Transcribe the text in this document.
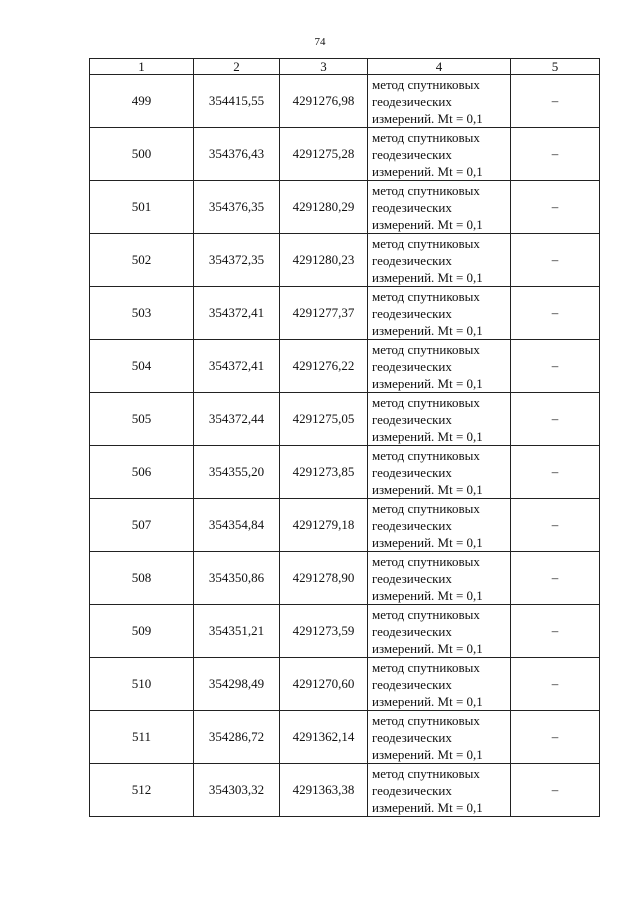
74
1	2	3	4	5
499	354415,55	4291276,98	метод спутниковых
геодезических
измерений. Mt = 0,1	–
500	354376,43	4291275,28	метод спутниковых
геодезических
измерений. Mt = 0,1	–
501	354376,35	4291280,29	метод спутниковых
геодезических
измерений. Mt = 0,1	–
502	354372,35	4291280,23	метод спутниковых
геодезических
измерений. Mt = 0,1	–
503	354372,41	4291277,37	метод спутниковых
геодезических
измерений. Mt = 0,1	–
504	354372,41	4291276,22	метод спутниковых
геодезических
измерений. Mt = 0,1	–
505	354372,44	4291275,05	метод спутниковых
геодезических
измерений. Mt = 0,1	–
506	354355,20	4291273,85	метод спутниковых
геодезических
измерений. Mt = 0,1	–
507	354354,84	4291279,18	метод спутниковых
геодезических
измерений. Mt = 0,1	–
508	354350,86	4291278,90	метод спутниковых
геодезических
измерений. Mt = 0,1	–
509	354351,21	4291273,59	метод спутниковых
геодезических
измерений. Mt = 0,1	–
510	354298,49	4291270,60	метод спутниковых
геодезических
измерений. Mt = 0,1	–
511	354286,72	4291362,14	метод спутниковых
геодезических
измерений. Mt = 0,1	–
512	354303,32	4291363,38	метод спутниковых
геодезических
измерений. Mt = 0,1	–
